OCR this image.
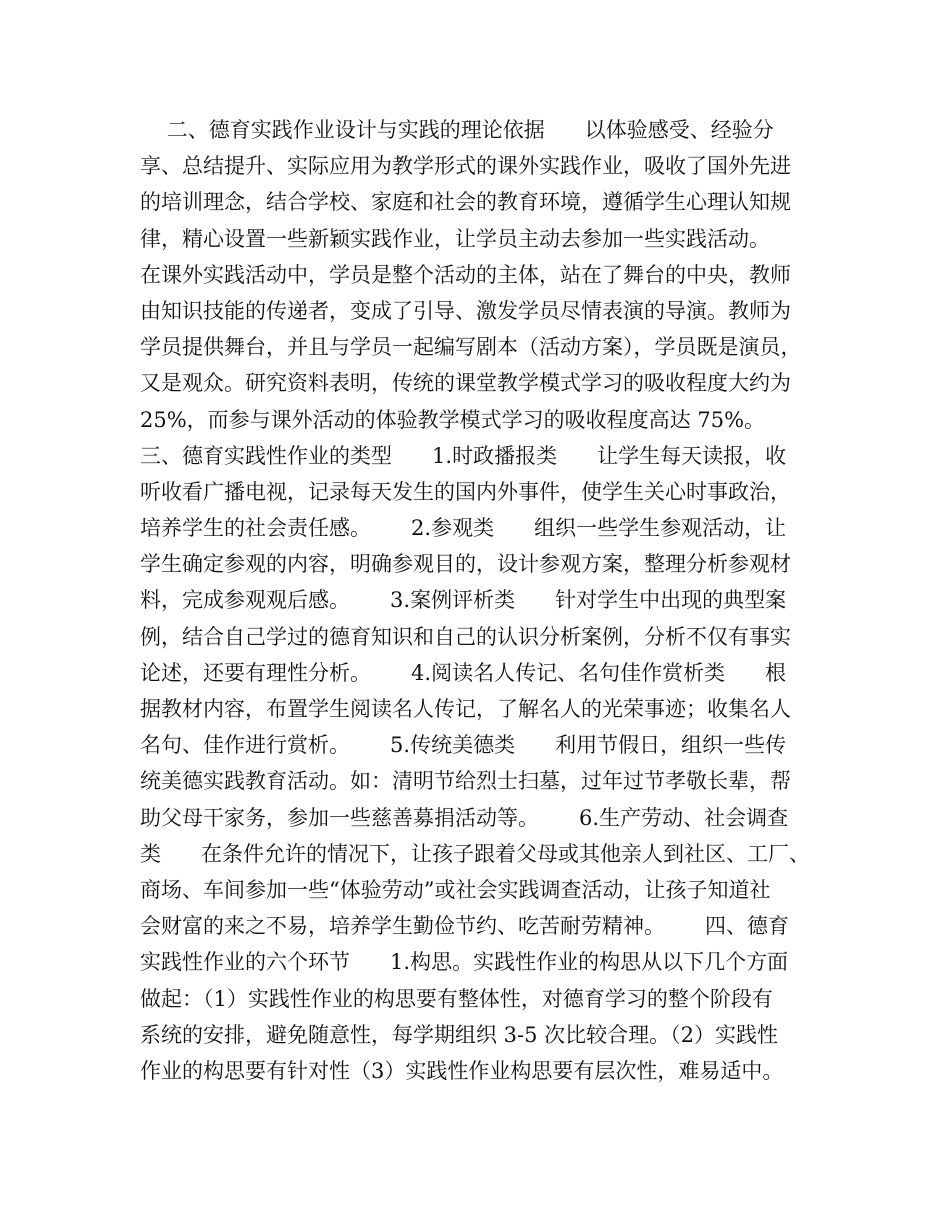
二、德育实践作业设计与实践的理论依据      以体验感受、经验分
享、总结提升、实际应用为教学形式的课外实践作业，吸收了国外先进
的培训理念，结合学校、家庭和社会的教育环境，遵循学生心理认知规
律，精心设置一些新颖实践作业，让学员主动去参加一些实践活动。
在课外实践活动中，学员是整个活动的主体，站在了舞台的中央，教师
由知识技能的传递者，变成了引导、激发学员尽情表演的导演。教师为
学员提供舞台，并且与学员一起编写剧本（活动方案），学员既是演员，
又是观众。研究资料表明，传统的课堂教学模式学习的吸收程度大约为
25%，而参与课外活动的体验教学模式学习的吸收程度高达 75%。
三、德育实践性作业的类型      1.时政播报类      让学生每天读报，收
听收看广播电视，记录每天发生的国内外事件，使学生关心时事政治，
培养学生的社会责任感。      2.参观类      组织一些学生参观活动，让
学生确定参观的内容，明确参观目的，设计参观方案，整理分析参观材
料，完成参观观后感。      3.案例评析类      针对学生中出现的典型案
例，结合自己学过的德育知识和自己的认识分析案例，分析不仅有事实
论述，还要有理性分析。      4.阅读名人传记、名句佳作赏析类      根
据教材内容，布置学生阅读名人传记，了解名人的光荣事迹；收集名人
名句、佳作进行赏析。      5.传统美德类      利用节假日，组织一些传
统美德实践教育活动。如：清明节给烈士扫墓，过年过节孝敬长辈，帮
助父母干家务，参加一些慈善募捐活动等。      6.生产劳动、社会调查
类      在条件允许的情况下，让孩子跟着父母或其他亲人到社区、工厂、
商场、车间参加一些“体验劳动”或社会实践调查活动，让孩子知道社
会财富的来之不易，培养学生勤俭节约、吃苦耐劳精神。      四、德育
实践性作业的六个环节      1.构思。实践性作业的构思从以下几个方面
做起：（1）实践性作业的构思要有整体性，对德育学习的整个阶段有
系统的安排，避免随意性，每学期组织 3-5 次比较合理。（2）实践性
作业的构思要有针对性（3）实践性作业构思要有层次性，难易适中。
